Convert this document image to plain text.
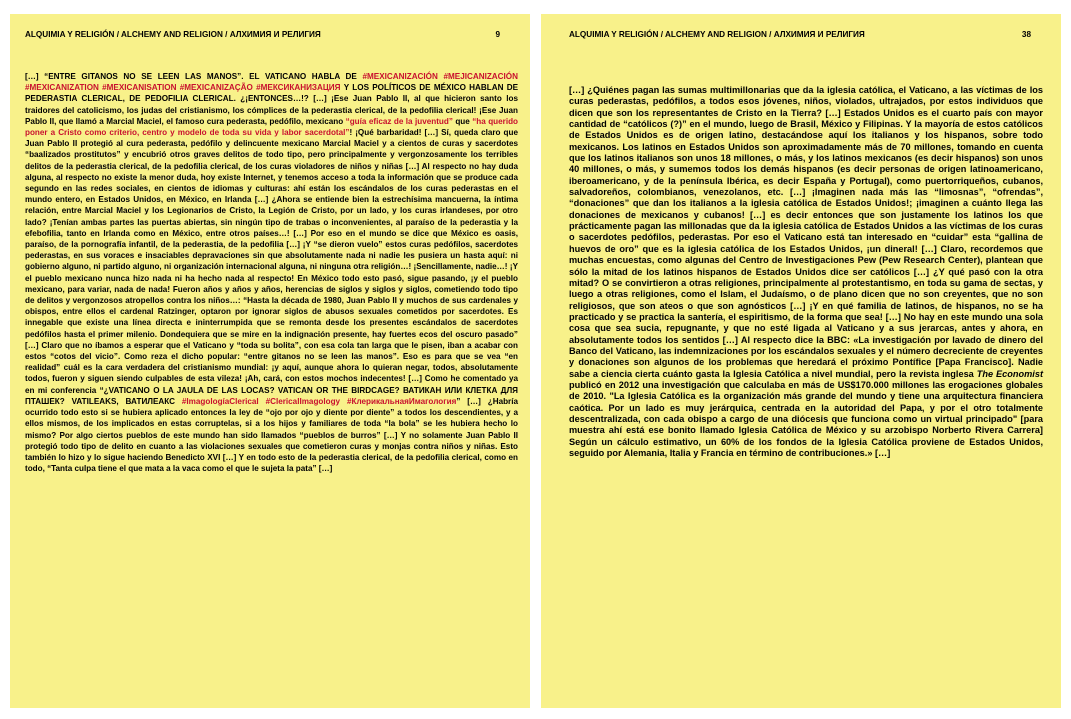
ALQUIMIA Y RELIGIÓN / ALCHEMY AND RELIGION / АЛХИМИЯ И РЕЛИГИЯ	9
[…] “ENTRE GITANOS NO SE LEEN LAS MANOS”. EL VATICANO HABLA DE #MEXICANIZACIÓN #MEJICANIZACIÓN #MEXICANIZATION #MEXICANISATION #MEXICANIZAÇÃO #МЕКСИКАНИЗАЦИЯ Y LOS POLÍTICOS DE MÉXICO HABLAN DE PEDERASTIA CLERICAL, DE PEDOFILIA CLERICAL. ¿¡ENTONCES…!? […] ¡Ese Juan Pablo II, al que hicieron santo los traidores del catolicismo, los judas del cristianismo, los cómplices de la pederastia clerical, de la pedofilia clerical! ¡Ese Juan Pablo II, que llamó a Marcial Maciel, el famoso cura pederasta, pedófilo, mexicano “guía eficaz de la juventud” que “ha querido poner a Cristo como criterio, centro y modelo de toda su vida y labor sacerdotal”! ¡Qué barbaridad! […] Sí, queda claro que Juan Pablo II protegió al cura pederasta, pedófilo y delincuente mexicano Marcial Maciel y a cientos de curas y sacerdotes “baalizados prostitutos” y encubrió otros graves delitos de todo tipo, pero principalmente y vergonzosamente los terribles delitos de la pederastia clerical, de la pedofilia clerical, de los curas violadores de niños y niñas […] Al respecto no hay duda alguna, al respecto no existe la menor duda, hoy existe Internet, y tenemos acceso a toda la información que se produce cada segundo en las redes sociales, en cientos de idiomas y culturas: ahí están los escándalos de los curas pederastas en el mundo entero, en Estados Unidos, en México, en Irlanda […] ¿Ahora se entiende bien la estrechísima mancuerna, la íntima relación, entre Marcial Maciel y los Legionarios de Cristo, la Legión de Cristo, por un lado, y los curas irlandeses, por otro lado? ¡Tenían ambas partes las puertas abiertas, sin ningún tipo de trabas o inconvenientes, al paraíso de la pederastia y la efebofilia, tanto en Irlanda como en México, entre otros países…! […] Por eso en el mundo se dice que México es oasis, paraíso, de la pornografía infantil, de la pederastia, de la pedofilia […] ¡Y “se dieron vuelo” estos curas pedófilos, sacerdotes pederastas, en sus voraces e insaciables depravaciones sin que absolutamente nada ni nadie les pusiera un hasta aquí: ni gobierno alguno, ni partido alguno, ni organización internacional alguna, ni ninguna otra religión…! ¡Sencillamente, nadie…! ¡Y el pueblo mexicano nunca hizo nada ni ha hecho nada al respecto! En México todo esto pasó, sigue pasando, ¡y el pueblo mexicano, para variar, nada de nada! Fueron años y años y años, herencias de siglos y siglos y siglos, cometiendo todo tipo de delitos y vergonzosos atropellos contra los niños…: “Hasta la década de 1980, Juan Pablo II y muchos de sus cardenales y obispos, entre ellos el cardenal Ratzinger, optaron por ignorar siglos de abusos sexuales cometidos por sacerdotes. Es innegable que existe una línea directa e ininterrumpida que se remonta desde los presentes escándalos de sacerdotes pedófilos hasta el primer milenio. Dondequiera que se mire en la indignación presente, hay fuertes ecos del oscuro pasado” […] Claro que no íbamos a esperar que el Vaticano y “toda su bolita”, con esa cola tan larga que le pisen, iban a acabar con estos “cotos del vicio”. Como reza el dicho popular: “entre gitanos no se leen las manos”. Eso es para que se vea “en realidad” cuál es la cara verdadera del cristianismo mundial: ¡y aquí, aunque ahora lo quieran negar, todos, absolutamente todos, fueron y siguen siendo culpables de esta vileza! ¡Ah, cará, con estos mochos indecentes! […] Como he comentado ya en mi conferencia “¿VATICANO O LA JAULA DE LAS LOCAS? VATICAN OR THE BIRDCAGE? ВАТИКАН ИЛИ КЛЕТКА ДЛЯ ПТАШЕК? VATILEAKS, ВАТИЛЕАКС #ImagologíaClerical #ClericalImagology #КлерикальнаяИмагология” […] ¿Habría ocurrido todo esto si se hubiera aplicado entonces la ley de “ojo por ojo y diente por diente” a todos los descendientes, y a ellos mismos, de los implicados en estas corruptelas, si a los hijos y familiares de toda “la bola” se les hubiera hecho lo mismo? Por algo ciertos pueblos de este mundo han sido llamados “pueblos de burros” […] Y no solamente Juan Pablo II protegió todo tipo de delito en cuanto a las violaciones sexuales que cometieron curas y monjas contra niños y niñas. Esto también lo hizo y lo sigue haciendo Benedicto XVI […] Y en todo esto de la pederastia clerical, de la pedofilia clerical, como en todo, “Tanta culpa tiene el que mata a la vaca como el que le sujeta la pata” […]
ALQUIMIA Y RELIGIÓN / ALCHEMY AND RELIGION / АЛХИМИЯ И РЕЛИГИЯ	38
[…] ¿Quiénes pagan las sumas multimillonarias que da la iglesia católica, el Vaticano, a las víctimas de los curas pederastas, pedófilos, a todos esos jóvenes, niños, violados, ultrajados, por estos individuos que dicen que son los representantes de Cristo en la Tierra? […] Estados Unidos es el cuarto país con mayor cantidad de “católicos (?)” en el mundo, luego de Brasil, México y Filipinas. Y la mayoría de estos católicos de Estados Unidos es de origen latino, destacándose aquí los italianos y los hispanos, sobre todo mexicanos. Los latinos en Estados Unidos son aproximadamente más de 70 millones, tomando en cuenta que los latinos italianos son unos 18 millones, o más, y los latinos mexicanos (es decir hispanos) son unos 40 millones, o más, y sumemos todos los demás hispanos (es decir personas de origen latinoamericano, iberoamericano, y de la península Ibérica, es decir España y Portugal), como puertorriqueños, cubanos, salvadoreños, colombianos, venezolanos, etc. […] ¡Imaginen nada más las “limosnas”, “ofrendas”, “donaciones” que dan los italianos a la iglesia católica de Estados Unidos!; ¡imaginen a cuánto llega las donaciones de mexicanos y cubanos! […] es decir entonces que son justamente los latinos los que prácticamente pagan las millonadas que da la iglesia católica de Estados Unidos a las víctimas de los curas o sacerdotes pedófilos, pederastas. Por eso el Vaticano está tan interesado en “cuidar” esta “gallina de huevos de oro” que es la iglesia católica de los Estados Unidos, ¡un dineral! […] Claro, recordemos que muchas encuestas, como algunas del Centro de Investigaciones Pew (Pew Research Center), plantean que sólo la mitad de los latinos hispanos de Estados Unidos dice ser católicos […] ¿Y qué pasó con la otra mitad? O se convirtieron a otras religiones, principalmente al protestantismo, en toda su gama de sectas, y luego a otras religiones, como el Islam, el Judaísmo, o de plano dicen que no son creyentes, que no son religiosos, que son ateos o que son agnósticos […] ¡Y en qué familia de latinos, de hispanos, no se ha practicado y se practica la santería, el espiritismo, de la forma que sea! […] No hay en este mundo una sola cosa que sea sucia, repugnante, y que no esté ligada al Vaticano y a sus jerarcas, antes y ahora, en absolutamente todos los sentidos […] Al respecto dice la BBC: «La investigación por lavado de dinero del Banco del Vaticano, las indemnizaciones por los escándalos sexuales y el número decreciente de creyentes y donaciones son algunos de los problemas que heredará el próximo Pontífice [Papa Francisco]. Nadie sabe a ciencia cierta cuánto gasta la Iglesia Católica a nivel mundial, pero la revista inglesa The Economist publicó en 2012 una investigación que calculaba en más de US$170.000 millones las erogaciones globales de 2010. "La Iglesia Católica es la organización más grande del mundo y tiene una arquitectura financiera caótica. Por un lado es muy jerárquica, centrada en la autoridad del Papa, y por el otro totalmente descentralizada, con cada obispo a cargo de una diócesis que funciona como un virtual principado" [para muestra ahí está ese bonito llamado Iglesia Católica de México y su arzobispo Norberto Rivera Carrera] Según un cálculo estimativo, un 60% de los fondos de la Iglesia Católica proviene de Estados Unidos, seguido por Alemania, Italia y Francia en término de contribuciones.» […]
